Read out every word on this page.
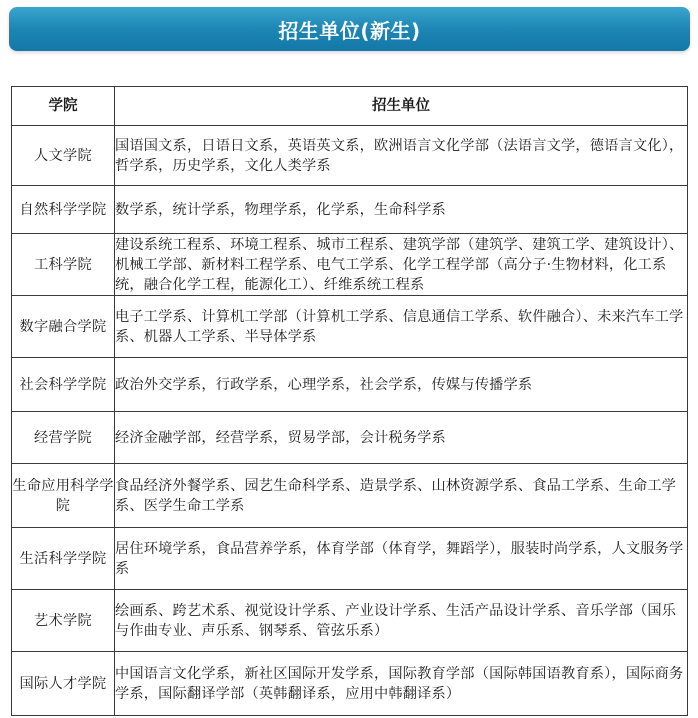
招生单位(新生)
学院	招生单位
人文学院	国语国文系，日语日文系，英语英文系，欧洲语言文化学部（法语言文学，德语言文化），哲学系，历史学系，文化人类学系
自然科学学院	数学系，统计学系，物理学系，化学系，生命科学系
工科学院	建设系统工程系、环境工程系、城市工程系、建筑学部（建筑学、建筑工学、建筑设计）、机械工学部、新材料工程学系、电气工学系、化学工程学部（高分子·生物材料，化工系统，融合化学工程，能源化工）、纤维系统工程系
数字融合学院	电子工学系、计算机工学部（计算机工学系、信息通信工学系、软件融合）、未来汽车工学系、机器人工学系、半导体学系
社会科学学院	政治外交学系，行政学系，心理学系，社会学系，传媒与传播学系
经营学院	经济金融学部，经营学系，贸易学部，会计税务学系
生命应用科学学院	食品经济外餐学系、园艺生命科学系、造景学系、山林资源学系、食品工学系、生命工学系、医学生命工学系
生活科学学院	居住环境学系，食品营养学系，体育学部（体育学，舞蹈学），服装时尚学系，人文服务学系
艺术学院	绘画系、跨艺术系、视觉设计学系、产业设计学系、生活产品设计学系、音乐学部（国乐与作曲专业、声乐系、钢琴系、管弦乐系）
国际人才学院	中国语言文化学系，新社区国际开发学系，国际教育学部（国际韩国语教育系），国际商务学系，国际翻译学部（英韩翻译系，应用中韩翻译系）
